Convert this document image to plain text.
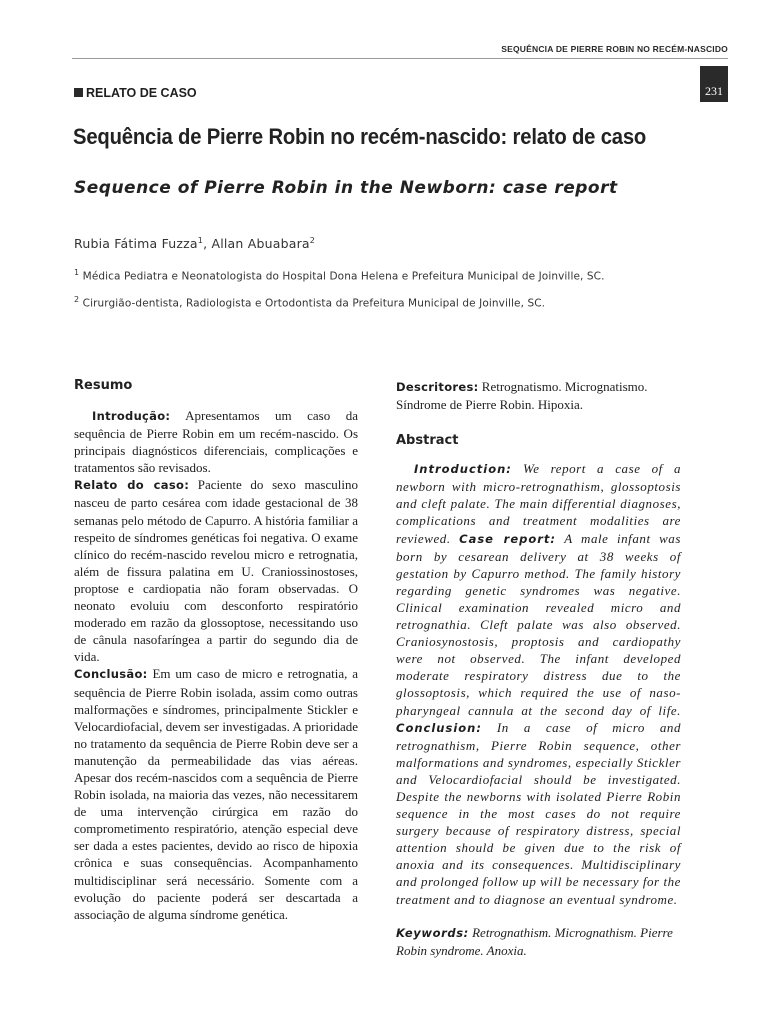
SEQUÊNCIA DE PIERRE ROBIN NO RECÉM-NASCIDO
231
RELATO DE CASO
Sequência de Pierre Robin no recém-nascido: relato de caso
Sequence of Pierre Robin in the Newborn: case report
Rubia Fátima Fuzza$^1$, Allan Abuabara$^2$
$^1$ Médica Pediatra e Neonatologista do Hospital Dona Helena e Prefeitura Municipal de Joinville, SC.
$^2$ Cirurgião-dentista, Radiologista e Ortodontista da Prefeitura Municipal de Joinville, SC.
Resumo

Introdução: Apresentamos um caso da sequência de Pierre Robin em um recém-nascido. Os principais diagnósticos diferenciais, complicações e tratamentos são revisados.
Relato do caso: Paciente do sexo masculino nasceu de parto cesárea com idade gestacional de 38 semanas pelo método de Capurro. A história familiar a respeito de síndromes genéticas foi negativa. O exame clínico do recém-nascido revelou micro e retrognatia, além de fissura palatina em U. Craniossinostoses, proptose e cardiopatia não foram observadas. O neonato evoluiu com desconforto respiratório moderado em razão da glossoptose, necessitando uso de cânula nasofaríngea a partir do segundo dia de vida.
Conclusão: Em um caso de micro e retrognatia, a sequência de Pierre Robin isolada, assim como outras malformações e síndromes, principalmente Stickler e Velocardiofacial, devem ser investigadas. A prioridade no tratamento da sequência de Pierre Robin deve ser a manutenção da permeabilidade das vias aéreas. Apesar dos recém-nascidos com a sequência de Pierre Robin isolada, na maioria das vezes, não necessitarem de uma intervenção cirúrgica em razão do comprometimento respiratório, atenção especial deve ser dada a estes pacientes, devido ao risco de hipoxia crônica e suas consequências. Acompanhamento multidisciplinar será necessário. Somente com a evolução do paciente poderá ser descartada a associação de alguma síndrome genética.

Descritores: Retrognatismo. Micrognatismo. Síndrome de Pierre Robin. Hipoxia.

Abstract

Introduction: We report a case of a newborn with micro-retrognathism, glossoptosis and cleft palate. The main differential diagnoses, complications and treatment modalities are reviewed. Case report: A male infant was born by cesarean delivery at 38 weeks of gestation by Capurro method. The family history regarding genetic syndromes was negative. Clinical examination revealed micro and retrognathia. Cleft palate was also observed. Craniosynostosis, proptosis and cardiopathy were not observed. The infant developed moderate respiratory distress due to the glossoptosis, which required the use of naso-pharyngeal cannula at the second day of life. Conclusion: In a case of micro and retrognathism, Pierre Robin sequence, other malformations and syndromes, especially Stickler and Velocardiofacial should be investigated. Despite the newborns with isolated Pierre Robin sequence in the most cases do not require surgery because of respiratory distress, special attention should be given due to the risk of anoxia and its consequences. Multidisciplinary and prolonged follow up will be necessary for the treatment and to diagnose an eventual syndrome.

Keywords: Retrognathism. Micrognathism. Pierre Robin syndrome. Anoxia.
